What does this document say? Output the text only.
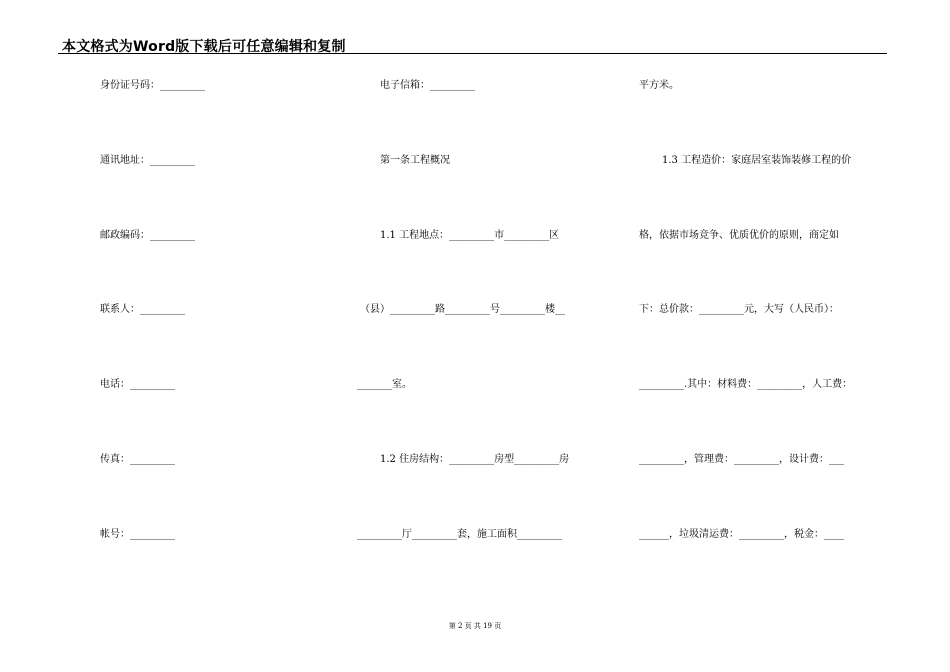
本文格式为Word版下载后可任意编辑和复制
身份证号码：_________
通讯地址：_________
邮政编码：_________
联系人：_________
电话：_________
传真：_________
帐号：_________
电子信箱：_________
第一条工程概况
1.1 工程地点：_________市_________区
（县）_________路_________号_________楼__
_______室。
1.2 住房结构：_________房型_________房
_________厅_________套，施工面积_________
平方米。
1.3 工程造价：家庭居室装饰装修工程的价
格，依据市场竞争、优质优价的原则，商定如
下：总价款：_________元，大写（人民币）：
_________.其中：材料费：_________，人工费：
_________，管理费：_________，设计费：___
______，垃圾清运费：_________，税金：____
第 2 页 共 19 页
